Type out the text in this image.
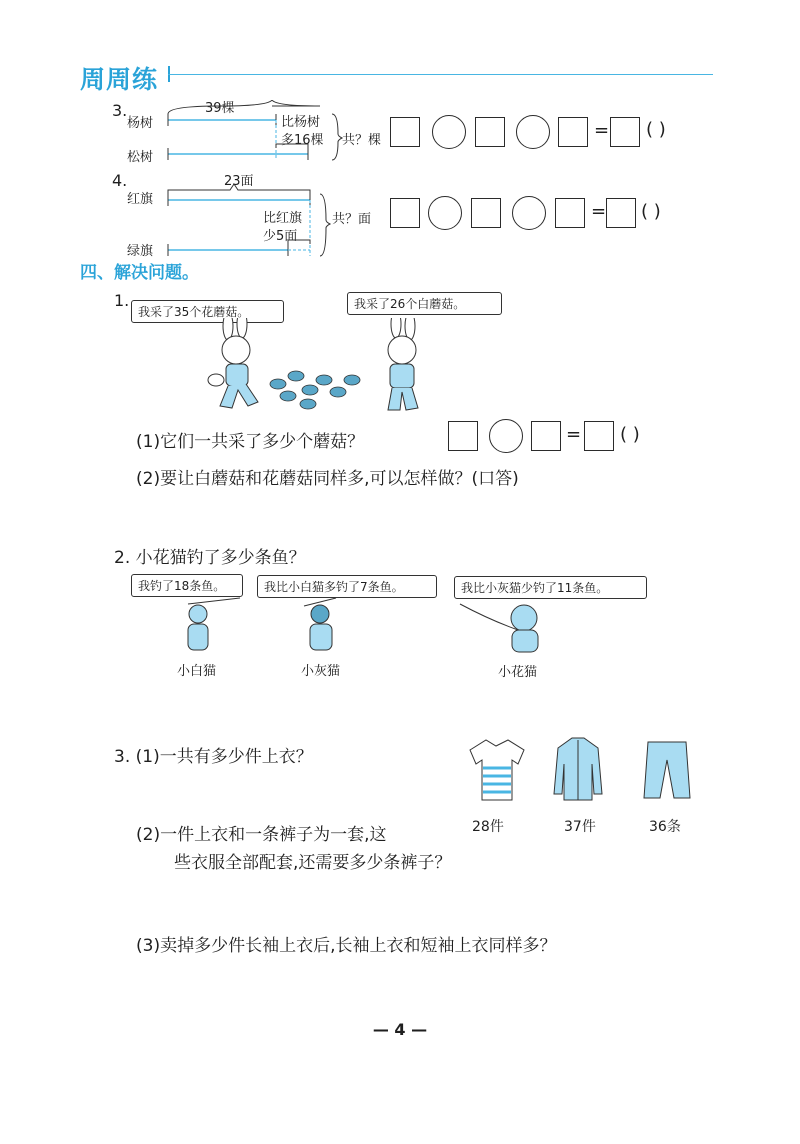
周周练
3.
杨树
松树
39棵
比杨树
多16棵 共？棵	= ( )
4.
红旗
绿旗
23面
比红旗
少5面
共？面	= ( )
四、解决问题。
1.
我采了35个花蘑菇。
我采了26个白蘑菇。
(1)它们一共采了多少个蘑菇？	= ( )
(2)要让白蘑菇和花蘑菇同样多,可以怎样做？(口答)
2. 小花猫钓了多少条鱼？
我钓了18条鱼。	我比小白猫多钓了7条鱼。	我比小灰猫少钓了11条鱼。
小白猫	小灰猫	小花猫
3. (1)一共有多少件上衣？
(2)一件上衣和一条裤子为一套,这
些衣服全部配套,还需要多少条裤子？
(3)卖掉多少件长袖上衣后,长袖上衣和短袖上衣同样多？
28件	37件	36条
— 4 —
